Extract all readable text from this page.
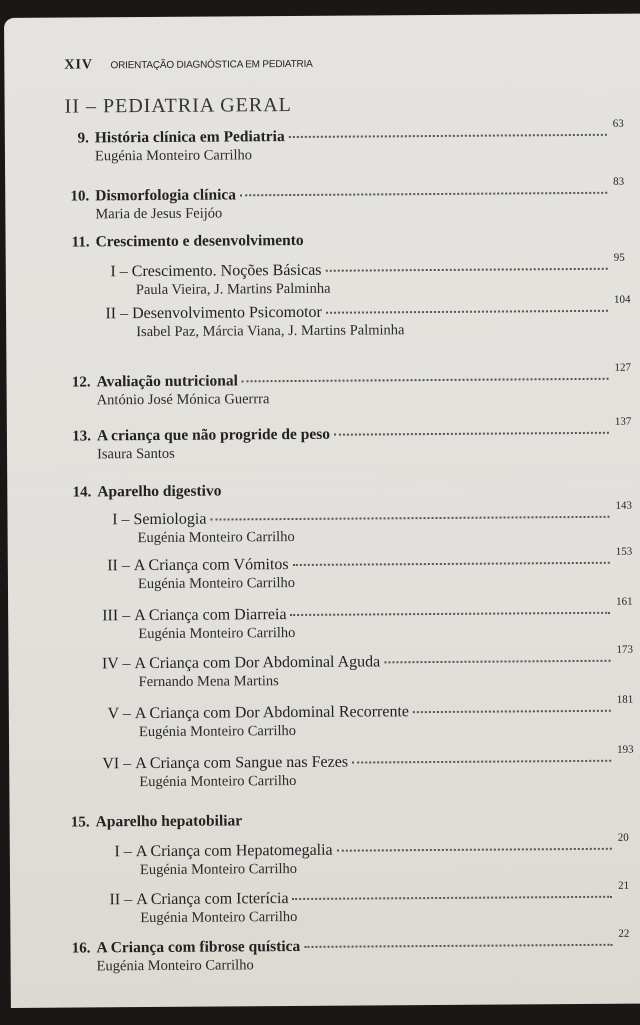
XIV ORIENTAÇÃO DIAGNÓSTICA EM PEDIATRIA
II – PEDIATRIA GERAL
9. História clínica em Pediatria
63
Eugénia Monteiro Carrilho
10. Dismorfologia clínica
83
Maria de Jesus Feijóo
11. Crescimento e desenvolvimento
I – Crescimento. Noções Básicas
95
Paula Vieira, J. Martins Palminha
II – Desenvolvimento Psicomotor
104
Isabel Paz, Márcia Viana, J. Martins Palminha
12. Avaliação nutricional
127
António José Mónica Guerrra
13. A criança que não progride de peso
137
Isaura Santos
14. Aparelho digestivo
I – Semiologia
143
Eugénia Monteiro Carrilho
II – A Criança com Vómitos
153
Eugénia Monteiro Carrilho
III – A Criança com Diarreia
161
Eugénia Monteiro Carrilho
IV – A Criança com Dor Abdominal Aguda
173
Fernando Mena Martins
V – A Criança com Dor Abdominal Recorrente
181
Eugénia Monteiro Carrilho
VI – A Criança com Sangue nas Fezes
193
Eugénia Monteiro Carrilho
15. Aparelho hepatobiliar
I – A Criança com Hepatomegalia
20
Eugénia Monteiro Carrilho
II – A Criança com Icterícia
21
Eugénia Monteiro Carrilho
16. A Criança com fibrose quística
22
Eugénia Monteiro Carrilho
